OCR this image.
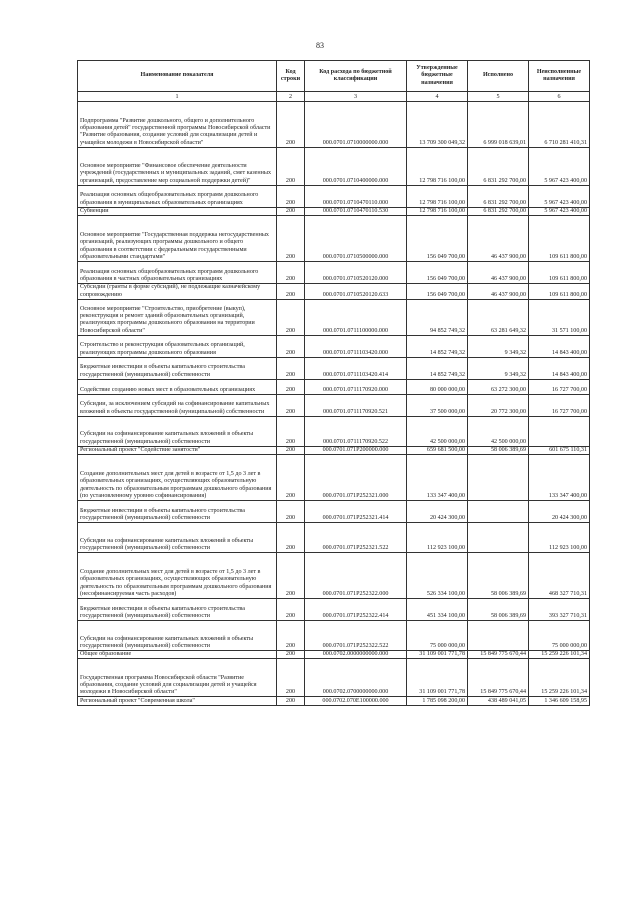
83
Наименование показателя	Код строки	Код расхода по бюджетной классификации	Утвержденные бюджетные назначения	Исполнено	Неисполненные назначения
1	2	3	4	5	6
Подпрограмма "Развитие дошкольного, общего и дополнительного образования детей" государственной программы Новосибирской области "Развитие образования, создание условий для социализации детей и учащейся молодежи в Новосибирской области"	200	000.0701.0710000000.000	13 709 300 049,32	6 999 018 639,01	6 710 281 410,31
Основное мероприятие "Финансовое обеспечение деятельности учреждений (государственных и муниципальных заданий, смет казенных организаций, предоставление мер социальной поддержки детей)"	200	000.0701.0710400000.000	12 798 716 100,00	6 831 292 700,00	5 967 423 400,00
Реализация основных общеобразовательных программ дошкольного образования в муниципальных образовательных организациях	200	000.0701.0710470110.000	12 798 716 100,00	6 831 292 700,00	5 967 423 400,00
Субвенции	200	000.0701.0710470110.530	12 798 716 100,00	6 831 292 700,00	5 967 423 400,00
Основное мероприятие "Государственная поддержка негосударственных организаций, реализующих программы дошкольного и общего образования в соответствии с федеральными государственными образовательными стандартами"	200	000.0701.0710500000.000	156 049 700,00	46 437 900,00	109 611 800,00
Реализация основных общеобразовательных программ дошкольного образования в частных образовательных организациях	200	000.0701.0710520120.000	156 049 700,00	46 437 900,00	109 611 800,00
Субсидии (гранты в форме субсидий), не подлежащие казначейскому сопровождению	200	000.0701.0710520120.633	156 049 700,00	46 437 900,00	109 611 800,00
Основное мероприятие "Строительство, приобретение (выкуп), реконструкция и ремонт зданий образовательных организаций, реализующих программы дошкольного образования на территории Новосибирской области"	200	000.0701.0711100000.000	94 852 749,32	63 281 649,32	31 571 100,00
Строительство и реконструкция образовательных организаций, реализующих программы дошкольного образования	200	000.0701.0711103420.000	14 852 749,32	9 349,32	14 843 400,00
Бюджетные инвестиции в объекты капитального строительства государственной (муниципальной) собственности	200	000.0701.0711103420.414	14 852 749,32	9 349,32	14 843 400,00
Содействие созданию новых мест в образовательных организациях	200	000.0701.0711170920.000	80 000 000,00	63 272 300,00	16 727 700,00
Субсидии, за исключением субсидий на софинансирование капитальных вложений в объекты государственной (муниципальной) собственности	200	000.0701.0711170920.521	37 500 000,00	20 772 300,00	16 727 700,00
Субсидии на софинансирование капитальных вложений в объекты государственной (муниципальной) собственности	200	000.0701.0711170920.522	42 500 000,00	42 500 000,00	
Региональный проект "Содействие занятости"	200	000.0701.071P200000.000	659 681 500,00	58 006 389,69	601 675 110,31
Создание дополнительных мест для детей в возрасте от 1,5 до 3 лет в образовательных организациях, осуществляющих образовательную деятельность по образовательным программам дошкольного образования (по установленному уровню софинансирования)	200	000.0701.071P252321.000	133 347 400,00		133 347 400,00
Бюджетные инвестиции в объекты капитального строительства государственной (муниципальной) собственности	200	000.0701.071P252321.414	20 424 300,00		20 424 300,00
Субсидии на софинансирование капитальных вложений в объекты государственной (муниципальной) собственности	200	000.0701.071P252321.522	112 923 100,00		112 923 100,00
Создание дополнительных мест для детей в возрасте от 1,5 до 3 лет в образовательных организациях, осуществляющих образовательную деятельность по образовательным программам дошкольного образования (несофинансируемая часть расходов)	200	000.0701.071P252322.000	526 334 100,00	58 006 389,69	468 327 710,31
Бюджетные инвестиции в объекты капитального строительства государственной (муниципальной) собственности	200	000.0701.071P252322.414	451 334 100,00	58 006 389,69	393 327 710,31
Субсидии на софинансирование капитальных вложений в объекты государственной (муниципальной) собственности	200	000.0701.071P252322.522	75 000 000,00		75 000 000,00
Общее образование	200	000.0702.0000000000.000	31 109 001 771,78	15 849 775 670,44	15 259 226 101,34
Государственная программа Новосибирской области "Развитие образования, создание условий для социализации детей и учащейся молодежи в Новосибирской области"	200	000.0702.0700000000.000	31 109 001 771,78	15 849 775 670,44	15 259 226 101,34
Региональный проект "Современная школа"	200	000.0702.070E100000.000	1 785 098 200,00	438 489 041,05	1 346 609 158,95
